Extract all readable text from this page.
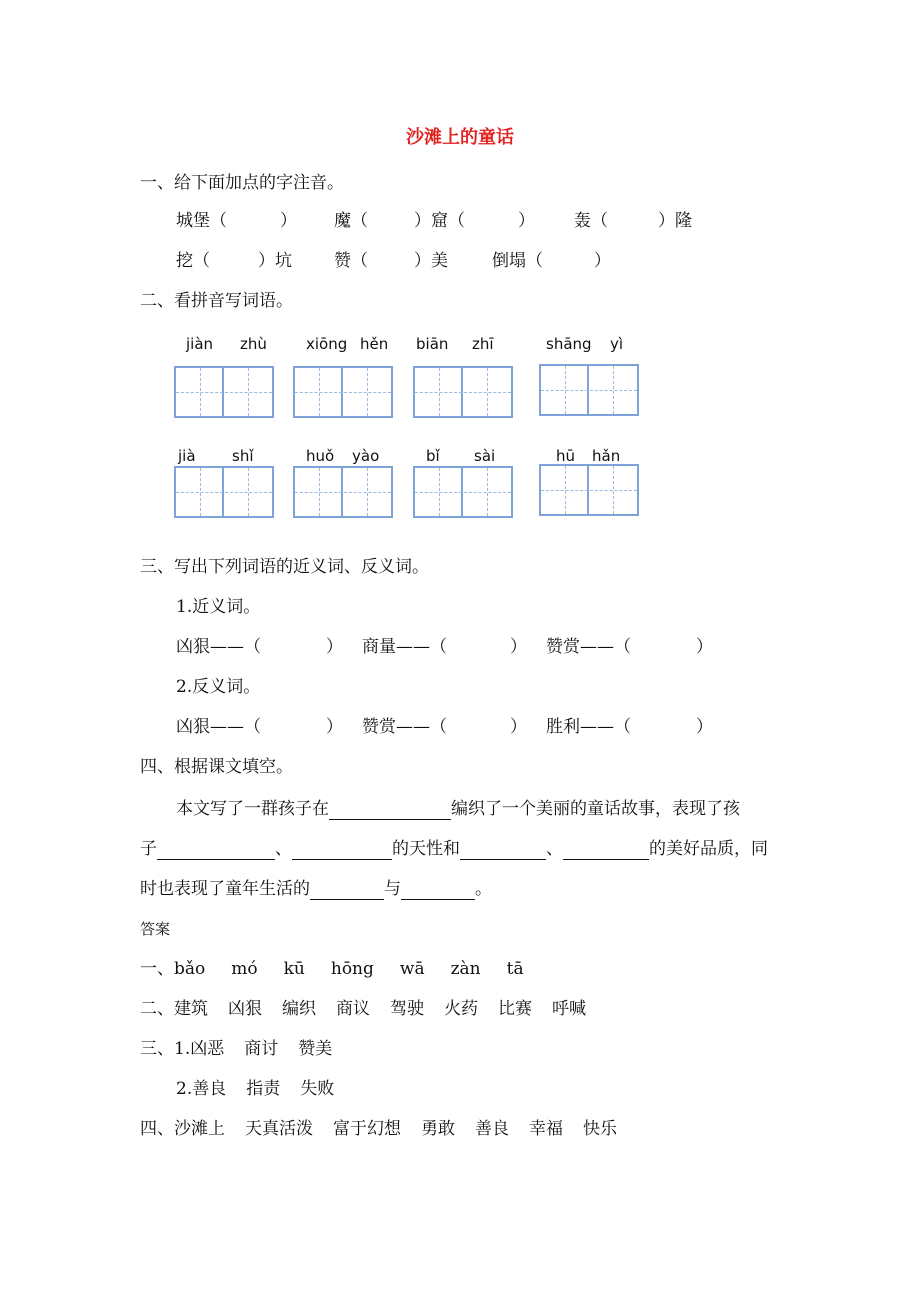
沙滩上的童话
一、给下面加点的字注音。
城堡（	） 魔（	）窟（	） 轰（	）隆
挖（	）坑 赞（	）美	倒塌（	）
二、看拼音写词语。
jiàn zhù	xiōng hěn biān zhī	shāng yì
jià shǐ	huǒ yào	bǐ sài	hū hǎn
三、写出下列词语的近义词、反义词。
1.近义词。
凶狠——（	） 商量——（	） 赞赏——（	）
2.反义词。
凶狠——（	） 赞赏——（	） 胜利——（	）
四、根据课文填空。
本文写了一群孩子在	编织了一个美丽的童话故事，表现了孩
子	、	的天性和	、	的美好品质，同
时也表现了童年生活的	与	。
答案
一、bǎo mó kū hōng wā zàn tā
二、建筑 凶狠 编织 商议 驾驶 火药 比赛 呼喊
三、1.凶恶 商讨 赞美
2.善良 指责 失败
四、沙滩上 天真活泼 富于幻想 勇敢 善良 幸福 快乐
